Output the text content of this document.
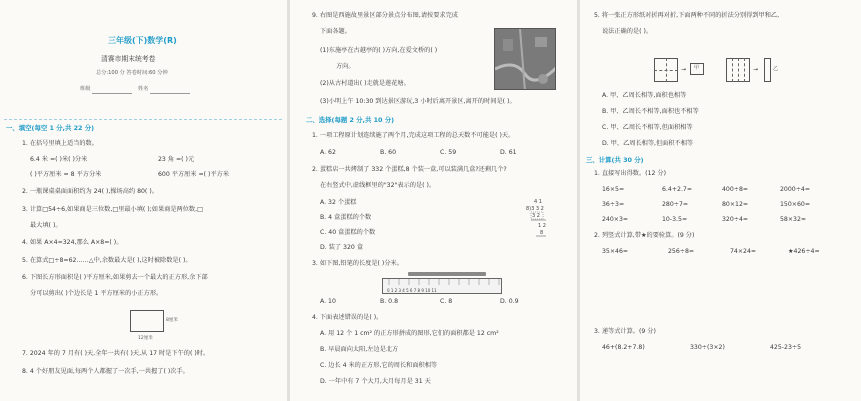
三年级(下)数学(R)
清赛市期末统考卷
总分:100 分 答卷时间:60 分钟
班级	姓名
一、填空(每空 1 分,共 22 分)
1. 在括号里填上适当的数。
6.4 米 =( )米( )分米	23 角 =( )元
( )平方厘米 = 8 平方分米	600 平方厘米 =( )平方米
2. 一瓶课桌桌面面积约为 24( ),操场高约 80( )。
3. 计算□54÷6,如果商是三位数,□里最小填( );如果商是两位数,□
最大填( )。
4. 如果 A×4=324,那么 A×8=( )。
5. 在算式□÷8=62……△中,余数最大是( ),这时被除数是( )。
6. 下图长方形面积是( )平方厘米,如果剪去一个最大的正方形,余下部
分可以剪出( )个边长是 1 平方厘米的小正方形。
8厘米
12厘米
7. 2024 年的 7 月有( )天,全年一共有( )天,从 17 时是下午的( )时。
8. 4 个好朋友见面,每两个人都握了一次手,一共握了( )次手。
9. 右图是西施故里景区部分景点分布图,请按要求完成
下面各题。
(1)东施亭在古越亭的( )方向,在爱文桥的( )
方向。
(2)从古村道出( )走就是莲花塘。
(3)小明上午 10:30 到达景区游玩,3 小时后离开景区,离开的时间是( )。
二、选择(每题 2 分,共 10 分)
1. 一项工程原计划连续施了两个月,完成这项工程的总天数不可能是( )天。
A. 62	B. 60	C. 59	D. 61
2. 蛋糕店一共烤制了 332 个蛋糕,8 个装一盒,可以装满几盒?还剩几个?
在右竖式中,虚线框里的"32"表示的是( )。
4 1
8)3 3 2
3 2
1 2
8
A. 32 个蛋糕
B. 4 盒蛋糕的个数
C. 40 盒蛋糕的个数
D. 装了 320 盒
3. 如下图,铅笔的长度是( )分米。
0 1 2 3 4 5 6 7 8 9 10 11
A. 10	B. 0.8	C. 8	D. 0.9
4. 下面表述错误的是( )。
A. 用 12 个 1 cm² 的正方形拼成的图形,它们的面积都是 12 cm²
B. 早晨面向太阳,左边是北方
C. 边长 4 米的正方形,它的周长和面积相等
D. 一年中有 7 个大月,大月每月是 31 天
5. 将一张正方形纸对折再对折,下面两种不同的折法分别得到甲和乙,
说法正确的是( )。
→ 甲	→	乙
A. 甲、乙周长相等,面积也相等
B. 甲、乙周长不相等,面积也不相等
C. 甲、乙周长不相等,但面积相等
D. 甲、乙周长相等,但面积不相等
三、计算(共 30 分)
1. 直接写出得数。(12 分)
16×5=	6.4+2.7=	400÷8=	2000÷4=
36÷3=	280÷7=	80×12=	150×60=
240×3=	10-3.5=	320÷4=	58×32≈
2. 列竖式计算,带★的要验算。(9 分)
35×46=	256÷8=	74×24=	★426÷4=
3. 递等式计算。(9 分)
46+(8.2+7.8)	330÷(3×2)	425-23÷5
